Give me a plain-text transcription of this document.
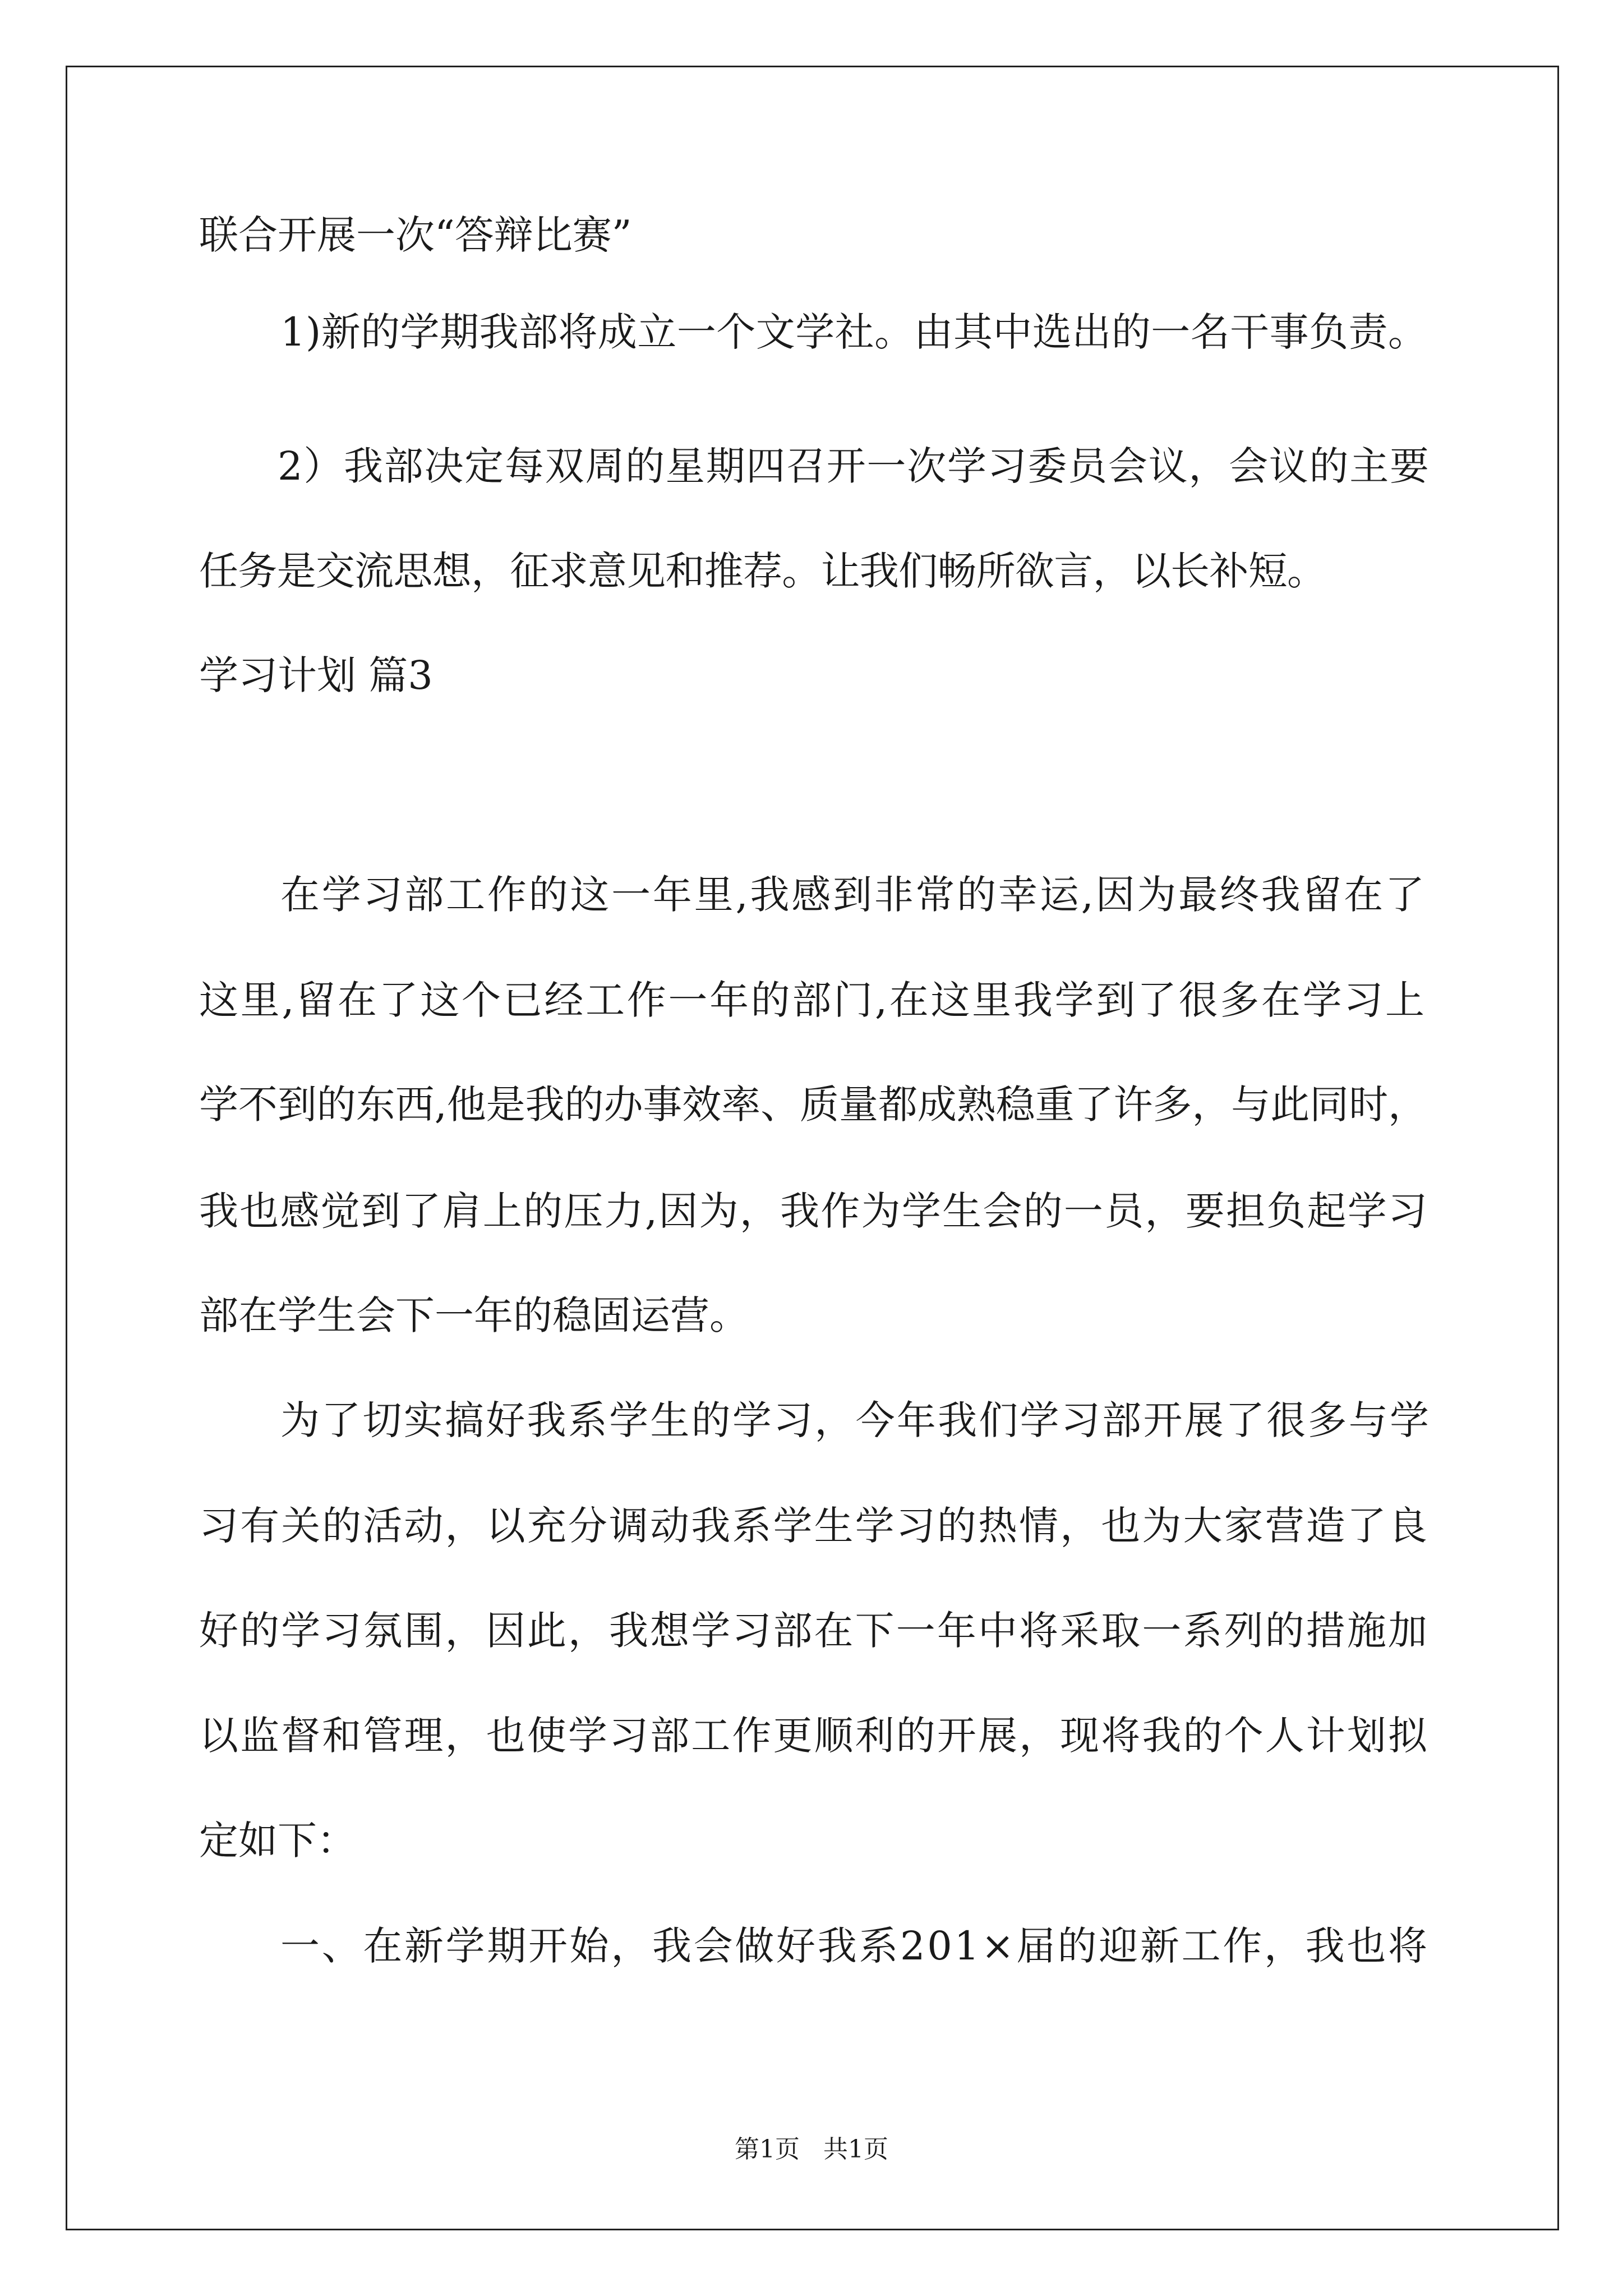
联合开展一次“答辩比赛”

1)新的学期我部将成立一个文学社。由其中选出的一名干事负责。

2）我部决定每双周的星期四召开一次学习委员会议，会议的主要

任务是交流思想，征求意见和推荐。让我们畅所欲言，以长补短。

学习计划 篇3

在学习部工作的这一年里,我感到非常的幸运,因为最终我留在了

这里,留在了这个已经工作一年的部门,在这里我学到了很多在学习上

学不到的东西,他是我的办事效率、质量都成熟稳重了许多，与此同时，

我也感觉到了肩上的压力,因为，我作为学生会的一员，要担负起学习

部在学生会下一年的稳固运营。

为了切实搞好我系学生的学习，今年我们学习部开展了很多与学

习有关的活动，以充分调动我系学生学习的热情，也为大家营造了良

好的学习氛围，因此，我想学习部在下一年中将采取一系列的措施加

以监督和管理，也使学习部工作更顺利的开展，现将我的个人计划拟

定如下：

一、在新学期开始，我会做好我系201×届的迎新工作，我也将

第1页   共1页
